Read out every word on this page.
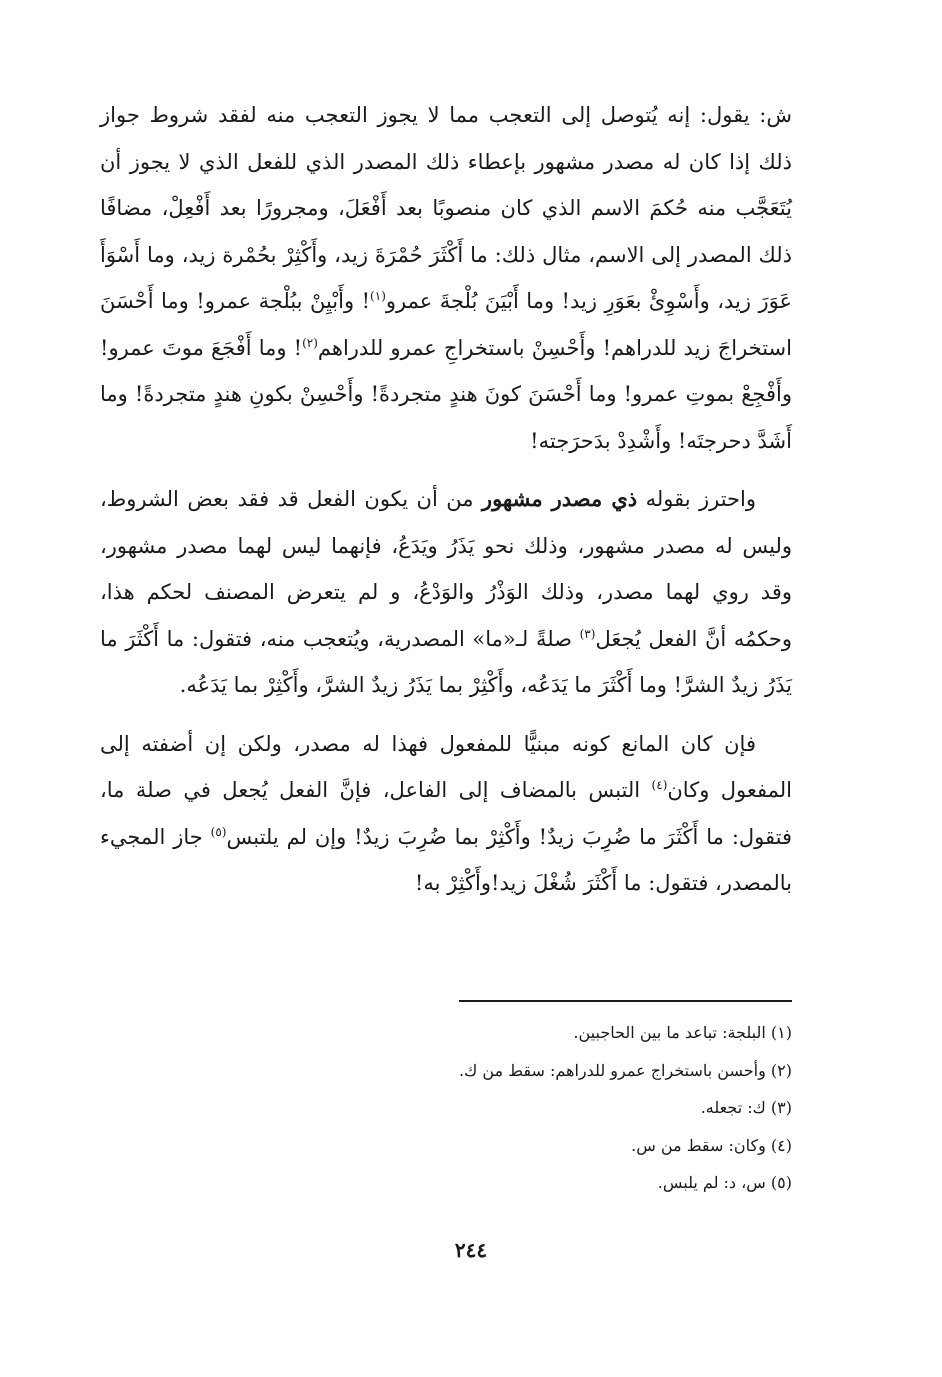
ش: يقول: إنه يُتوصل إلى التعجب مما لا يجوز التعجب منه لفقد شروط جواز ذلك إذا كان له مصدر مشهور بإعطاء ذلك المصدر الذي للفعل الذي لا يجوز أن يُتَعَجَّب منه حُكمَ الاسم الذي كان منصوبًا بعد أَفْعَلَ، ومجرورًا بعد أَفْعِلْ، مضافًا ذلك المصدر إلى الاسم، مثال ذلك: ما أَكْثَرَ حُمْرَةَ زيد، وأَكْثِرْ بحُمْرة زيد، وما أَسْوَأَ عَوَرَ زيد، وأَسْوِئْ بعَوَرِ زيد! وما أَبْيَنَ بُلْجةَ عمرو$^{(١)}$! وأَبْيِنْ ببُلْجة عمرو! وما أَحْسَنَ استخراجَ زيد للدراهم! وأَحْسِنْ باستخراجِ عمرو للدراهم$^{(٢)}$! وما أَفْجَعَ موتَ عمرو! وأَفْجِعْ بموتِ عمرو! وما أَحْسَنَ كونَ هندٍ متجردةً! وأَحْسِنْ بكونِ هندٍ متجردةً! وما أَشَدَّ دحرجتَه! وأَشْدِدْ بدَحرَجته!

واحترز بقوله ذي مصدر مشهور من أن يكون الفعل قد فقد بعض الشروط، وليس له مصدر مشهور، وذلك نحو يَذَرُ ويَدَعُ، فإنهما ليس لهما مصدر مشهور، وقد روي لهما مصدر، وذلك الوَذْرُ والوَدْعُ، و لم يتعرض المصنف لحكم هذا، وحكمُه أنَّ الفعل يُجعَل$^{(٣)}$ صلةً لـ«ما» المصدرية، ويُتعجب منه، فتقول: ما أَكْثَرَ ما يَذَرُ زيدٌ الشرَّ! وما أَكْثَرَ ما يَدَعُه، وأَكْثِرْ بما يَذَرُ زيدٌ الشرَّ، وأَكْثِرْ بما يَدَعُه.

فإن كان المانع كونه مبنيًّا للمفعول فهذا له مصدر، ولكن إن أضفته إلى المفعول وكان$^{(٤)}$ التبس بالمضاف إلى الفاعل، فإنَّ الفعل يُجعل في صلة ما، فتقول: ما أَكْثَرَ ما ضُرِبَ زيدٌ! وأَكْثِرْ بما ضُرِبَ زيدٌ! وإن لم يلتبس$^{(٥)}$ جاز المجيء بالمصدر، فتقول: ما أَكْثَرَ شُغْلَ زيد!وأَكْثِرْ به!

(١) البلجة: تباعد ما بين الحاجبين.

(٢) وأحسن باستخراج عمرو للدراهم: سقط من ك.

(٣) ك: تجعله.

(٤) وكان: سقط من س.

(٥) س، د: لم يلبس.

٢٤٤
